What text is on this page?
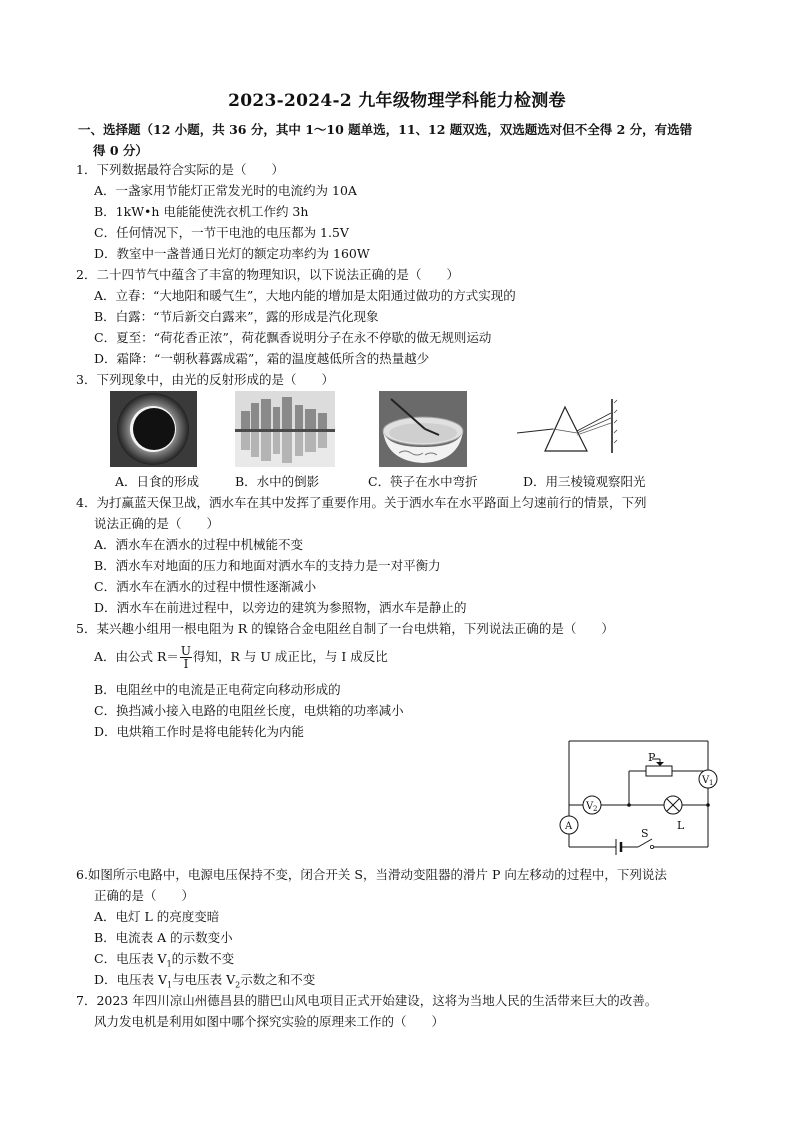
2023-2024-2 九年级物理学科能力检测卷
一、选择题（12 小题，共 36 分，其中 1～10 题单选，11、12 题双选，双选题选对但不全得 2 分，有选错
得 0 分）
1．下列数据最符合实际的是（　　）
A．一盏家用节能灯正常发光时的电流约为 10A
B．1kW•h 电能能使洗衣机工作约 3h
C．任何情况下，一节干电池的电压都为 1.5V
D．教室中一盏普通日光灯的额定功率约为 160W
2．二十四节气中蕴含了丰富的物理知识，以下说法正确的是（　　）
A．立春：“大地阳和暖气生”，大地内能的增加是太阳通过做功的方式实现的
B．白露：“节后新交白露来”，露的形成是汽化现象
C．夏至：“荷花香正浓”，荷花飘香说明分子在永不停歇的做无规则运动
D．霜降：“一朝秋暮露成霜”，霜的温度越低所含的热量越少
3．下列现象中，由光的反射形成的是（　　）
A．日食的形成	B．水中的倒影	C．筷子在水中弯折	D．用三棱镜观察阳光
4．为打赢蓝天保卫战，洒水车在其中发挥了重要作用。关于洒水车在水平路面上匀速前行的情景，下列
说法正确的是（　　）
A．洒水车在洒水的过程中机械能不变
B．洒水车对地面的压力和地面对洒水车的支持力是一对平衡力
C．洒水车在洒水的过程中惯性逐渐减小
D．洒水车在前进过程中，以旁边的建筑为参照物，洒水车是静止的
5．某兴趣小组用一根电阻为 R 的镍铬合金电阻丝自制了一台电烘箱，下列说法正确的是（　　）
A．由公式 $R= \frac{U}{I}$ 得知，R 与 U 成正比，与 I 成反比
B．电阻丝中的电流是正电荷定向移动形成的
C．换挡减小接入电路的电阻丝长度，电烘箱的功率减小
D．电烘箱工作时是将电能转化为内能
P
V 1
V 2
A
S
L
6.如图所示电路中，电源电压保持不变，闭合开关 S，当滑动变阻器的滑片 P 向左移动的过程中，下列说法
正确的是（　　）
A．电灯 L 的亮度变暗
B．电流表 A 的示数变小
C．电压表 $V_1$的示数不变
D．电压表 $V_1$与电压表 $V_2$示数之和不变
7．2023 年四川凉山州德昌县的腊巴山风电项目正式开始建设，这将为当地人民的生活带来巨大的改善。
风力发电机是利用如图中哪个探究实验的原理来工作的（　　）
